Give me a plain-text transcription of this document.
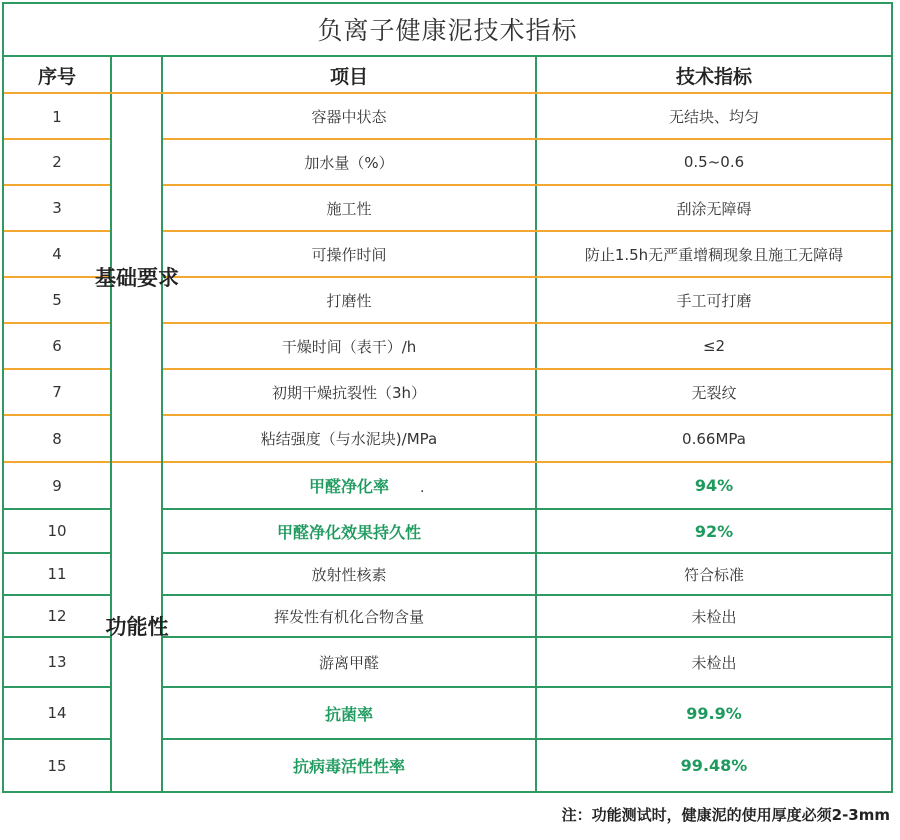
负离子健康泥技术指标
序号	项目	技术指标
1	容器中状态	无结块、均匀
2	加水量（%）	0.5~0.6
3	施工性	刮涂无障碍
4	可操作时间	防止1.5h无严重增稠现象且施工无障碍
5	打磨性	手工可打磨
6	干燥时间（表干）/h	≤2
7	初期干燥抗裂性（3h）	无裂纹
8	粘结强度（与水泥块)/MPa	0.66MPa
9	甲醛净化率	94%
10	甲醛净化效果持久性	92%
11	放射性核素	符合标准
12	挥发性有机化合物含量	未检出
13	游离甲醛	未检出
14	抗菌率	99.9%
15	抗病毒活性性率	99.48%
基 础 要 求
功 能 性
·
注：功能测试时，健康泥的使用厚度必须2-3mm
